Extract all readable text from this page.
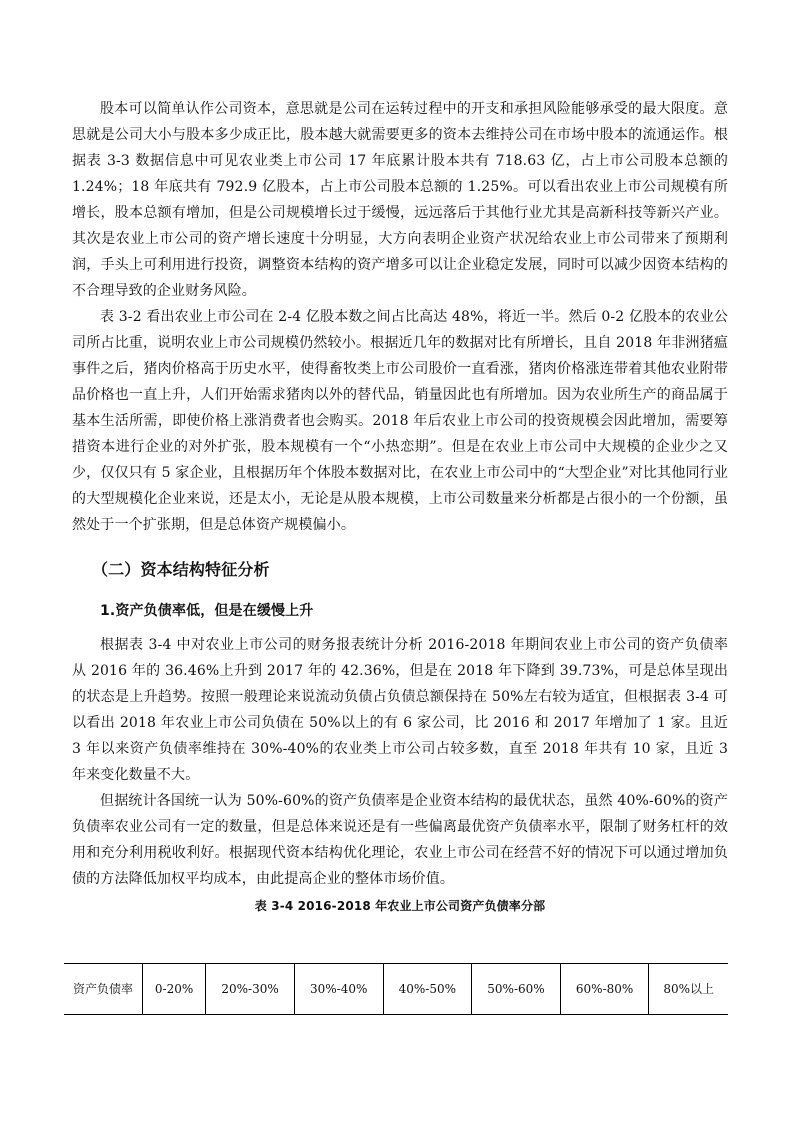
股本可以简单认作公司资本，意思就是公司在运转过程中的开支和承担风险能够承受的最大限度。意思就是公司大小与股本多少成正比，股本越大就需要更多的资本去维持公司在市场中股本的流通运作。根据表 3-3 数据信息中可见农业类上市公司 17 年底累计股本共有 718.63 亿，占上市公司股本总额的 1.24%；18 年底共有 792.9 亿股本，占上市公司股本总额的 1.25%。可以看出农业上市公司规模有所增长，股本总额有增加，但是公司规模增长过于缓慢，远远落后于其他行业尤其是高新科技等新兴产业。其次是农业上市公司的资产增长速度十分明显，大方向表明企业资产状况给农业上市公司带来了预期利润，手头上可利用进行投资，调整资本结构的资产增多可以让企业稳定发展，同时可以减少因资本结构的不合理导致的企业财务风险。

表 3-2 看出农业上市公司在 2-4 亿股本数之间占比高达 48%，将近一半。然后 0-2 亿股本的农业公司所占比重，说明农业上市公司规模仍然较小。根据近几年的数据对比有所增长，且自 2018 年非洲猪瘟事件之后，猪肉价格高于历史水平，使得畜牧类上市公司股价一直看涨，猪肉价格涨连带着其他农业附带品价格也一直上升，人们开始需求猪肉以外的替代品，销量因此也有所增加。因为农业所生产的商品属于基本生活所需，即使价格上涨消费者也会购买。2018 年后农业上市公司的投资规模会因此增加，需要筹措资本进行企业的对外扩张，股本规模有一个“小热恋期”。但是在农业上市公司中大规模的企业少之又少，仅仅只有 5 家企业，且根据历年个体股本数据对比，在农业上市公司中的“大型企业”对比其他同行业的大型规模化企业来说，还是太小，无论是从股本规模，上市公司数量来分析都是占很小的一个份额，虽然处于一个扩张期，但是总体资产规模偏小。

（二）资本结构特征分析
1.资产负债率低，但是在缓慢上升

根据表 3-4 中对农业上市公司的财务报表统计分析 2016-2018 年期间农业上市公司的资产负债率从 2016 年的 36.46%上升到 2017 年的 42.36%，但是在 2018 年下降到 39.73%，可是总体呈现出的状态是上升趋势。按照一般理论来说流动负债占负债总额保持在 50%左右较为适宜，但根据表 3-4 可以看出 2018 年农业上市公司负债在 50%以上的有 6 家公司，比 2016 和 2017 年增加了 1 家。且近 3 年以来资产负债率维持在 30%-40%的农业类上市公司占较多数，直至 2018 年共有 10 家，且近 3 年来变化数量不大。

但据统计各国统一认为 50%-60%的资产负债率是企业资本结构的最优状态，虽然 40%-60%的资产负债率农业公司有一定的数量，但是总体来说还是有一些偏离最优资产负债率水平，限制了财务杠杆的效用和充分利用税收利好。根据现代资本结构优化理论，农业上市公司在经营不好的情况下可以通过增加负债的方法降低加权平均成本，由此提高企业的整体市场价值。

表 3-4 2016-2018 年农业上市公司资产负债率分部
资产负债率	0-20%	20%-30%	30%-40%	40%-50%	50%-60%	60%-80%	80%以上
